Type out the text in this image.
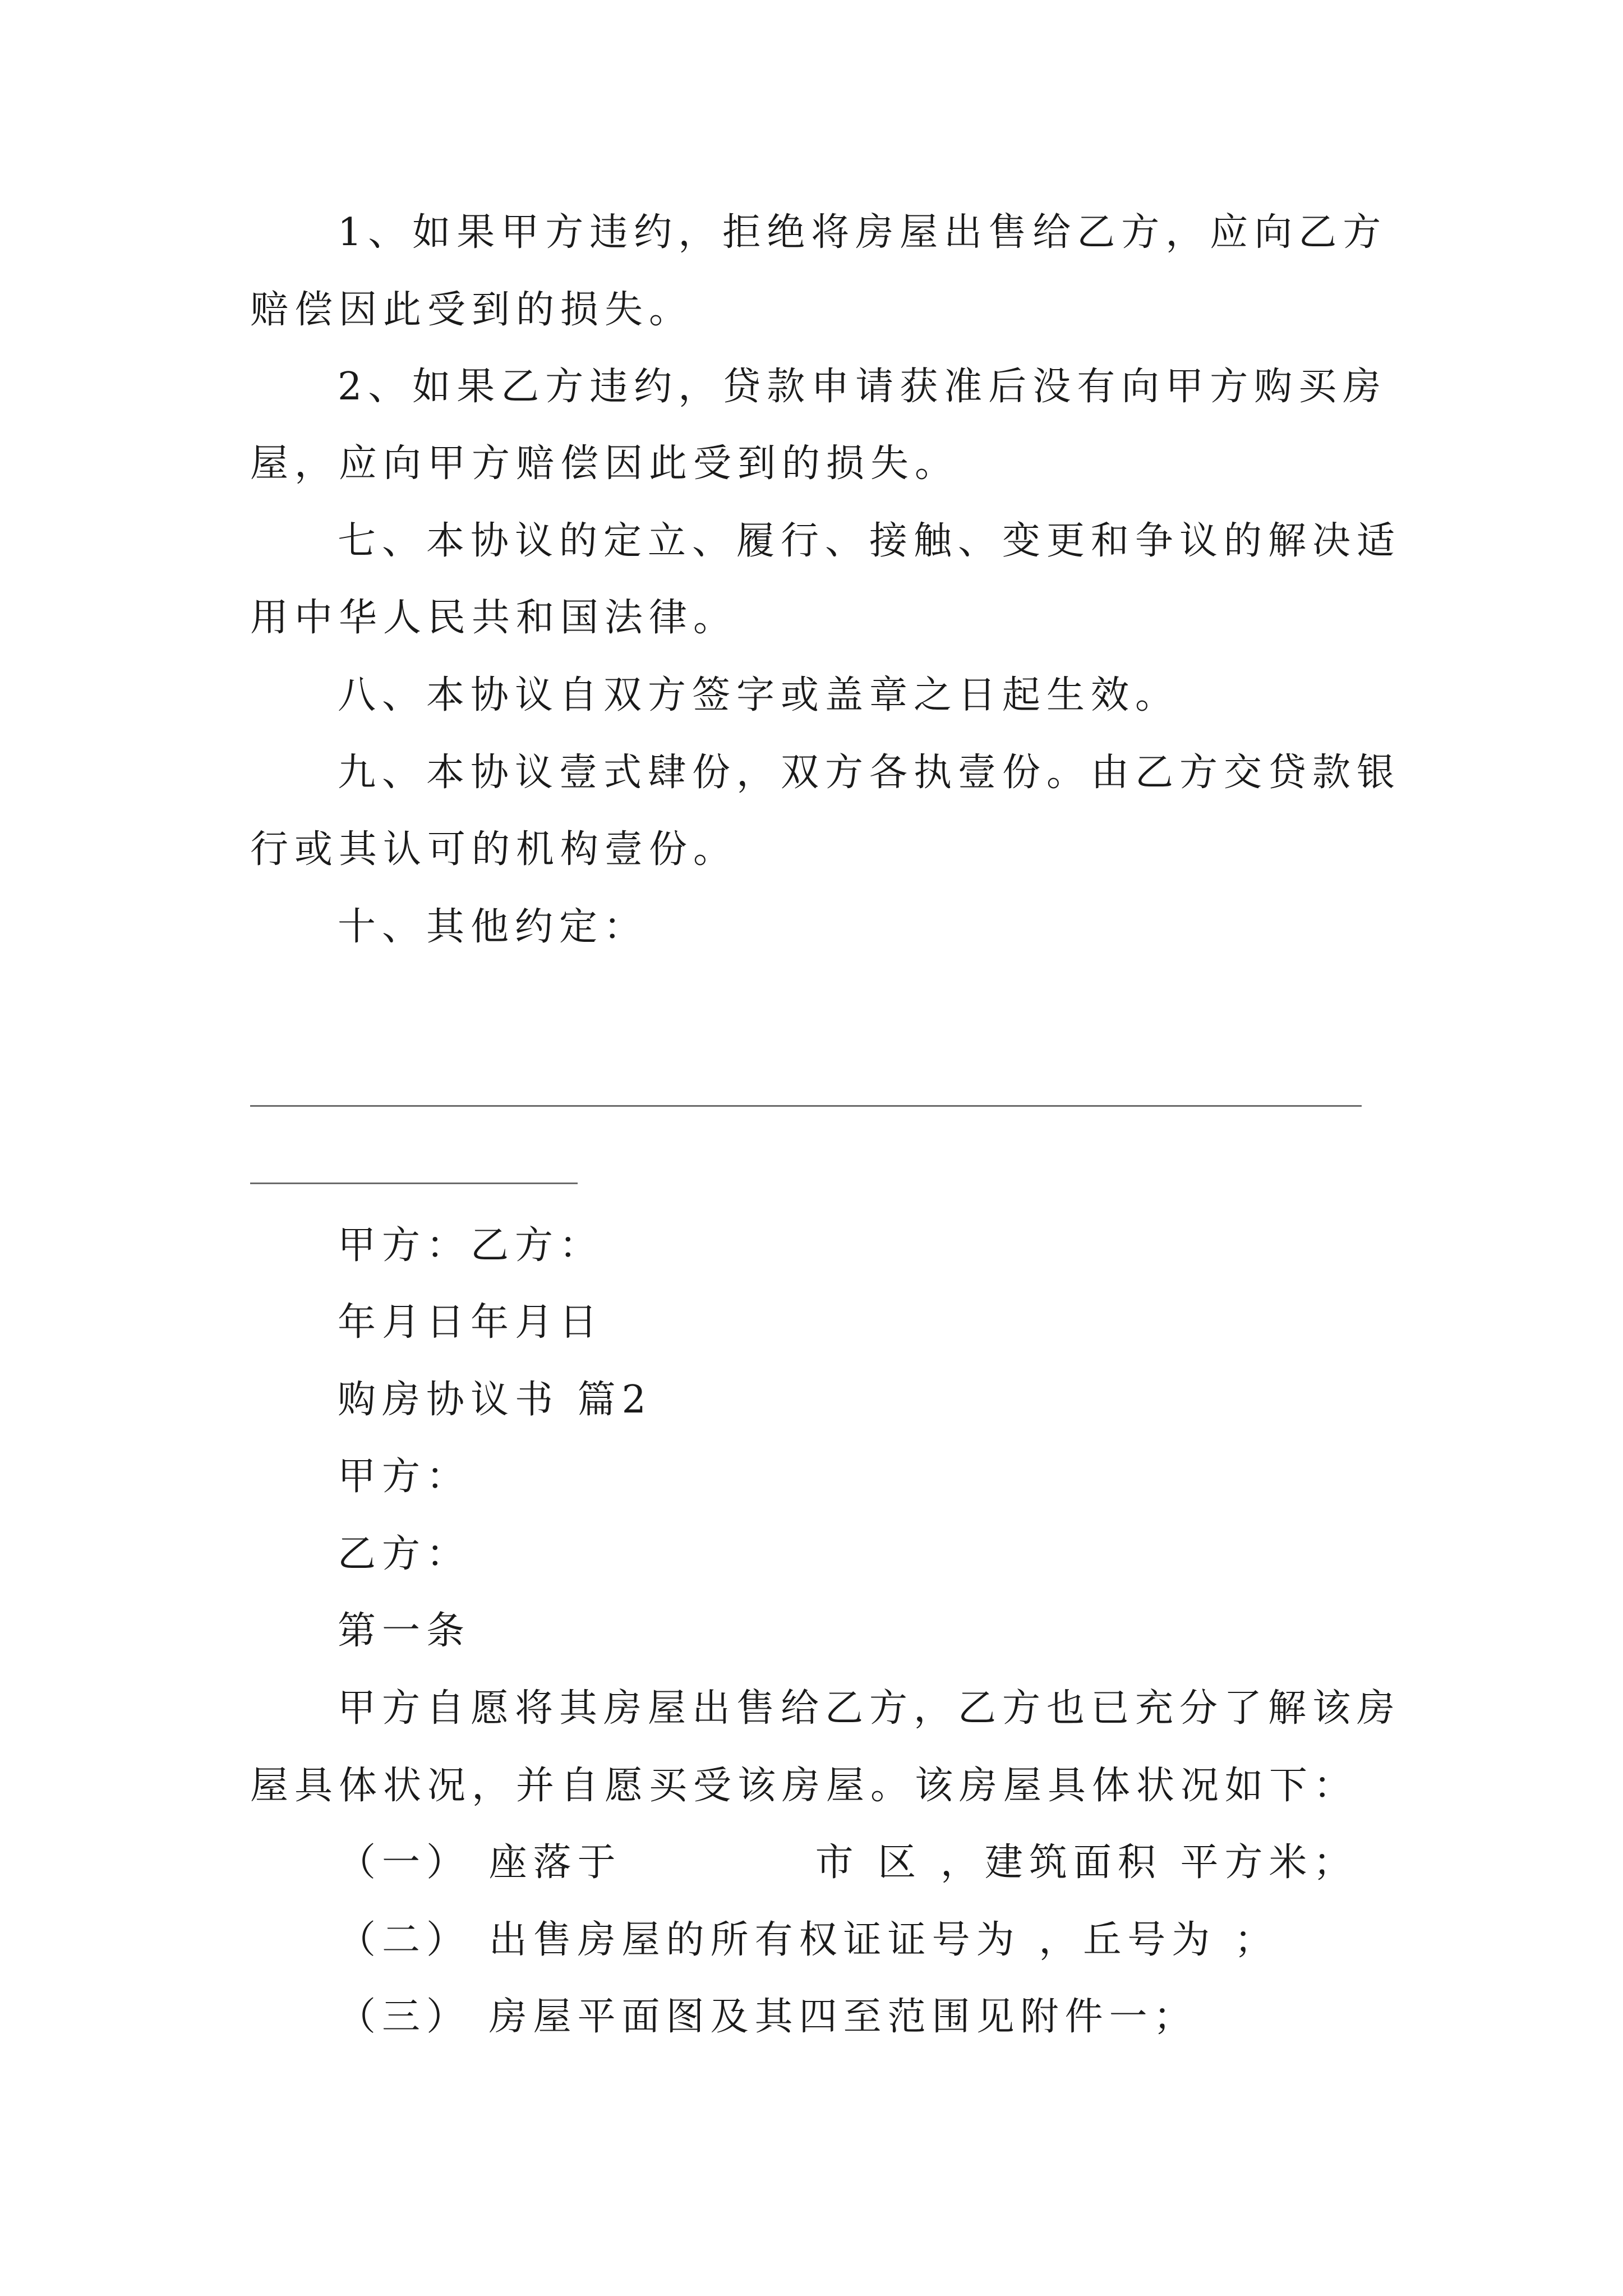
1、如果甲方违约，拒绝将房屋出售给乙方，应向乙方

赔偿因此受到的损失。

2、如果乙方违约，贷款申请获准后没有向甲方购买房

屋，应向甲方赔偿因此受到的损失。

七、本协议的定立、履行、接触、变更和争议的解决适

用中华人民共和国法律。

八、本协议自双方签字或盖章之日起生效。

九、本协议壹式肆份，双方各执壹份。由乙方交贷款银

行或其认可的机构壹份。

十、其他约定：

甲方：乙方：

年月日年月日

购房协议书 篇2

甲方：

乙方：

第一条

甲方自愿将其房屋出售给乙方，乙方也已充分了解该房

屋具体状况，并自愿买受该房屋。该房屋具体状况如下：

（一） 座落于	市 区 ，建筑面积 平方米；

（二） 出售房屋的所有权证证号为 ，丘号为 ；

（三） 房屋平面图及其四至范围见附件一；
